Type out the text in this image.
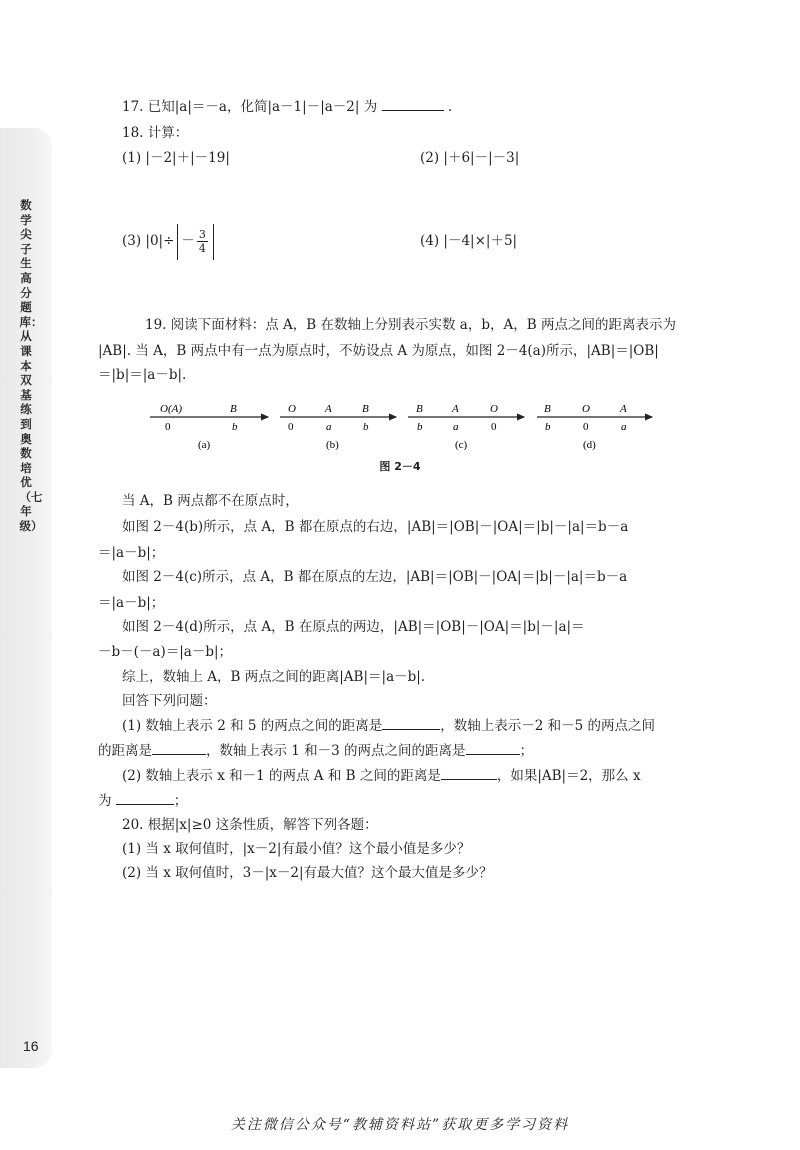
数学尖子生高分题库：从课本双基练到奥数培优（七年级）
17. 已知|a|＝－a，化简|a－1|－|a－2| 为	.
18. 计算：
(1) |－2|＋|－19|	(2) |＋6|－|－3|
(3) $|0|\div - \frac{3}{4}$	(4) |－4|×|＋5|
19. 阅读下面材料：点 A，B 在数轴上分别表示实数 a，b，A，B 两点之间的距离表示为
|AB|. 当 A，B 两点中有一点为原点时，不妨设点 A 为原点，如图 2－4(a)所示，|AB|＝|OB|
＝|b|＝|a－b|.
O(A)	B
0	b
(a)
O	A	B
0	a	b
(b)
B	A	O
b	a	0
(c)
B	O	A
b	0	a
(d)
图 2－4
当 A，B 两点都不在原点时，
如图 2－4(b)所示，点 A，B 都在原点的右边，|AB|＝|OB|－|OA|＝|b|－|a|＝b－a
＝|a－b|；
如图 2－4(c)所示，点 A，B 都在原点的左边，|AB|＝|OB|－|OA|＝|b|－|a|＝b－a
＝|a－b|；
如图 2－4(d)所示，点 A，B 在原点的两边，|AB|＝|OB|－|OA|＝|b|－|a|＝
－b－(－a)＝|a－b|；
综上，数轴上 A，B 两点之间的距离|AB|＝|a－b|.
回答下列问题：
(1) 数轴上表示 2 和 5 的两点之间的距离是	，数轴上表示－2 和－5 的两点之间
的距离是	，数轴上表示 1 和－3 的两点之间的距离是	；
(2) 数轴上表示 x 和－1 的两点 A 和 B 之间的距离是	，如果|AB|＝2，那么 x
为	；
20. 根据|x|≥0 这条性质，解答下列各题：
(1) 当 x 取何值时，|x－2|有最小值？这个最小值是多少？
(2) 当 x 取何值时，3－|x－2|有最大值？这个最大值是多少？
16
关注微信公众号“教辅资料站”获取更多学习资料
